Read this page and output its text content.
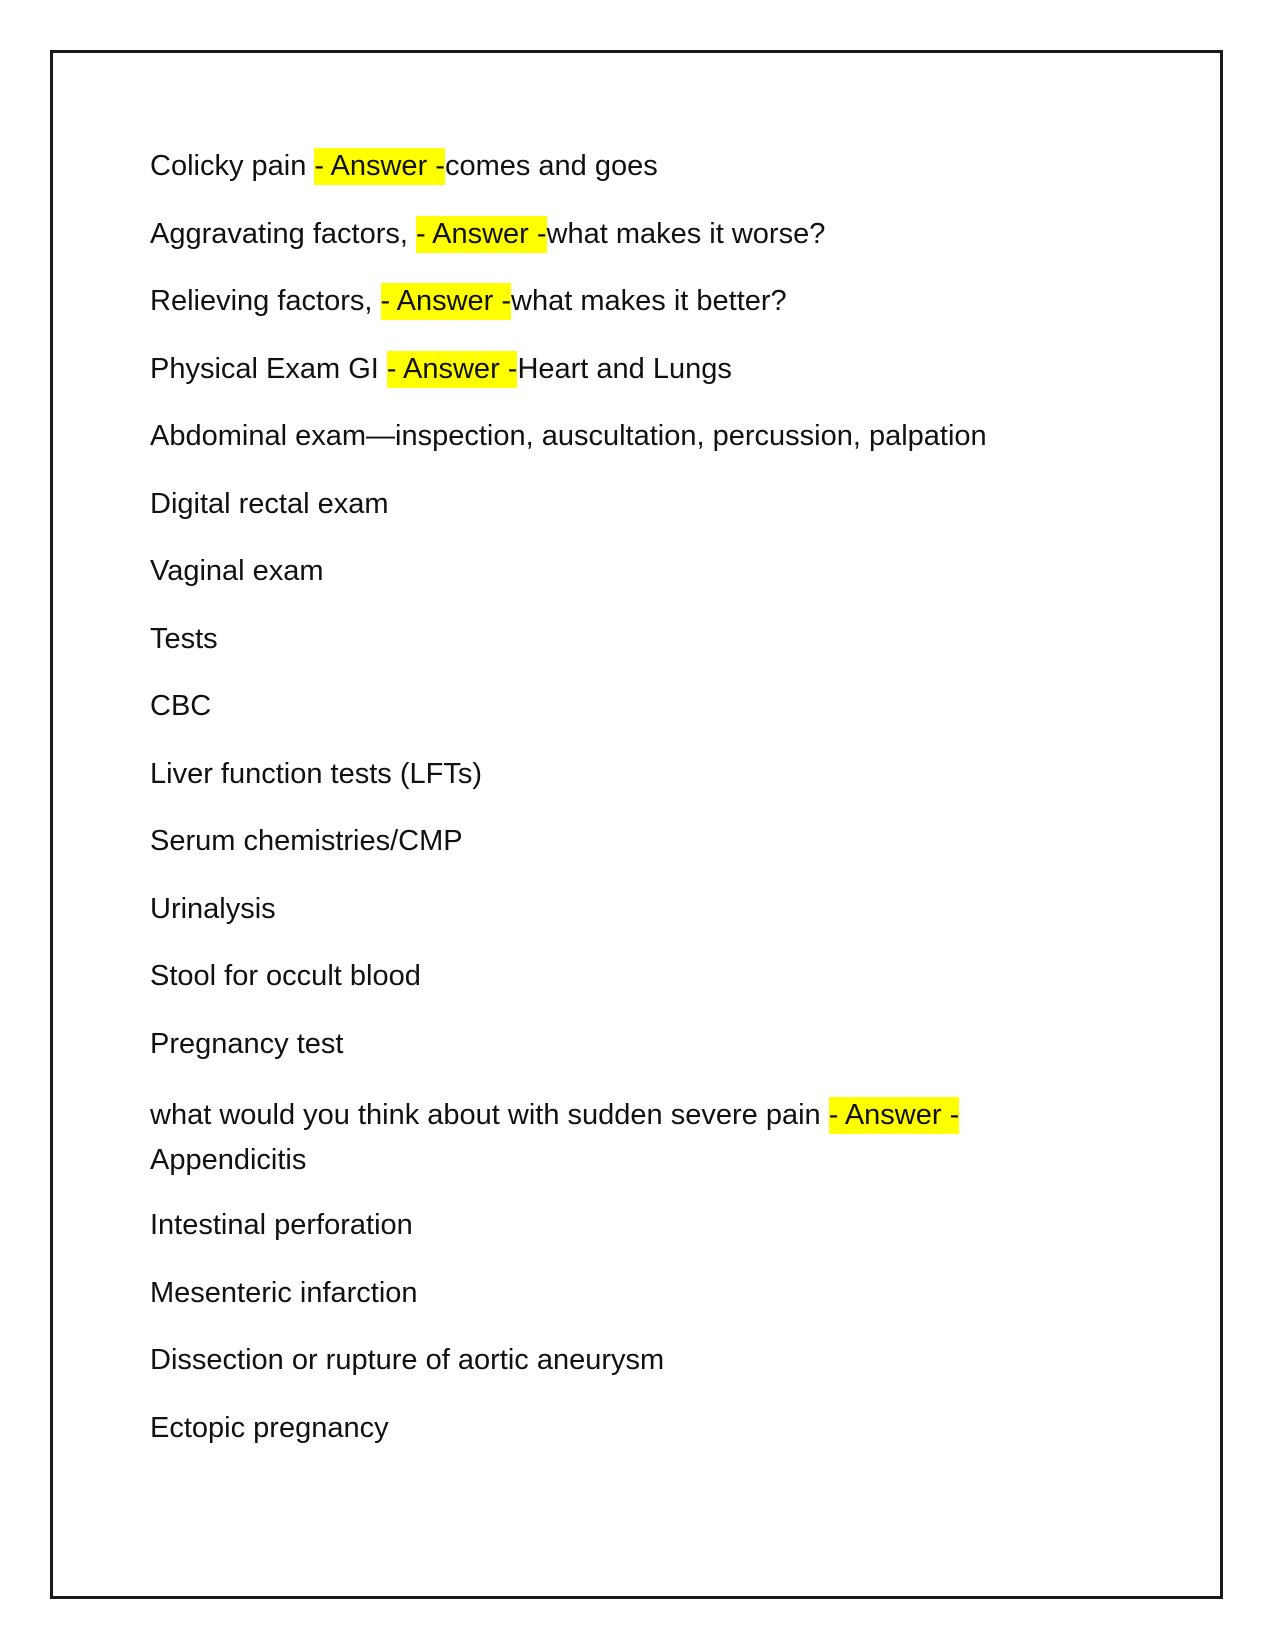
Colicky pain - Answer -comes and goes

Aggravating factors, - Answer -what makes it worse?

Relieving factors, - Answer -what makes it better?

Physical Exam GI - Answer -Heart and Lungs

Abdominal exam—inspection, auscultation, percussion, palpation

Digital rectal exam

Vaginal exam

Tests

CBC

Liver function tests (LFTs)

Serum chemistries/CMP

Urinalysis

Stool for occult blood

Pregnancy test

what would you think about with sudden severe pain - Answer -
Appendicitis

Intestinal perforation

Mesenteric infarction

Dissection or rupture of aortic aneurysm

Ectopic pregnancy
